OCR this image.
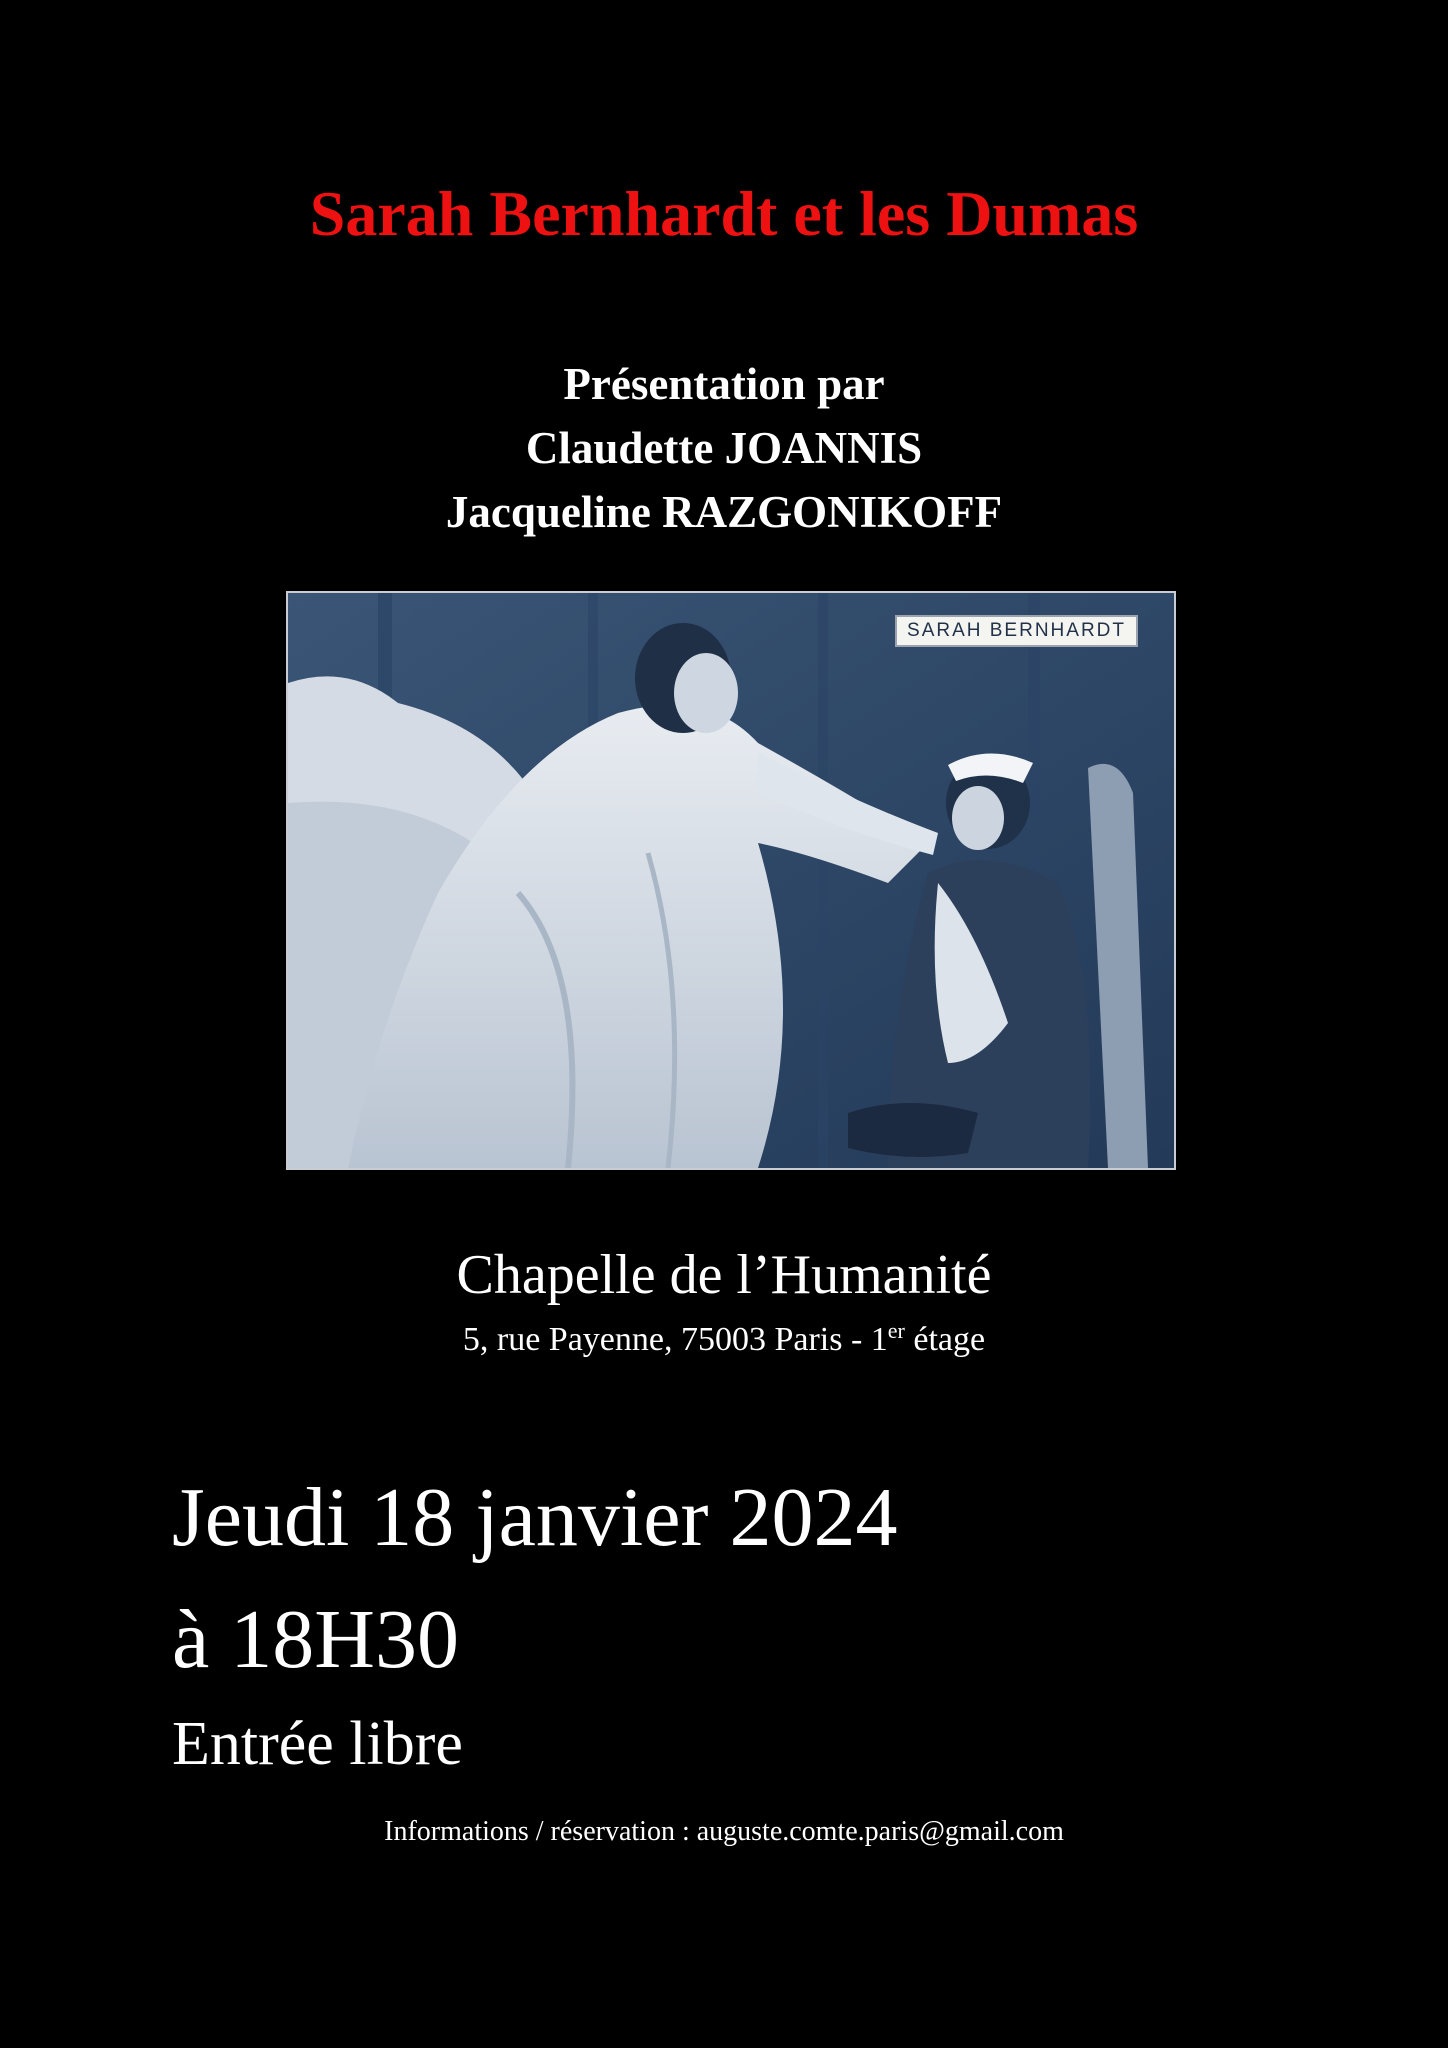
Sarah Bernhardt et les Dumas
Présentation par
Claudette JOANNIS
Jacqueline RAZGONIKOFF
SARAH BERNHARDT
Chapelle de l’Humanité
5, rue Payenne, 75003 Paris - 1er étage
Jeudi 18 janvier 2024
à 18H30
Entrée libre
Informations / réservation : auguste.comte.paris@gmail.com
